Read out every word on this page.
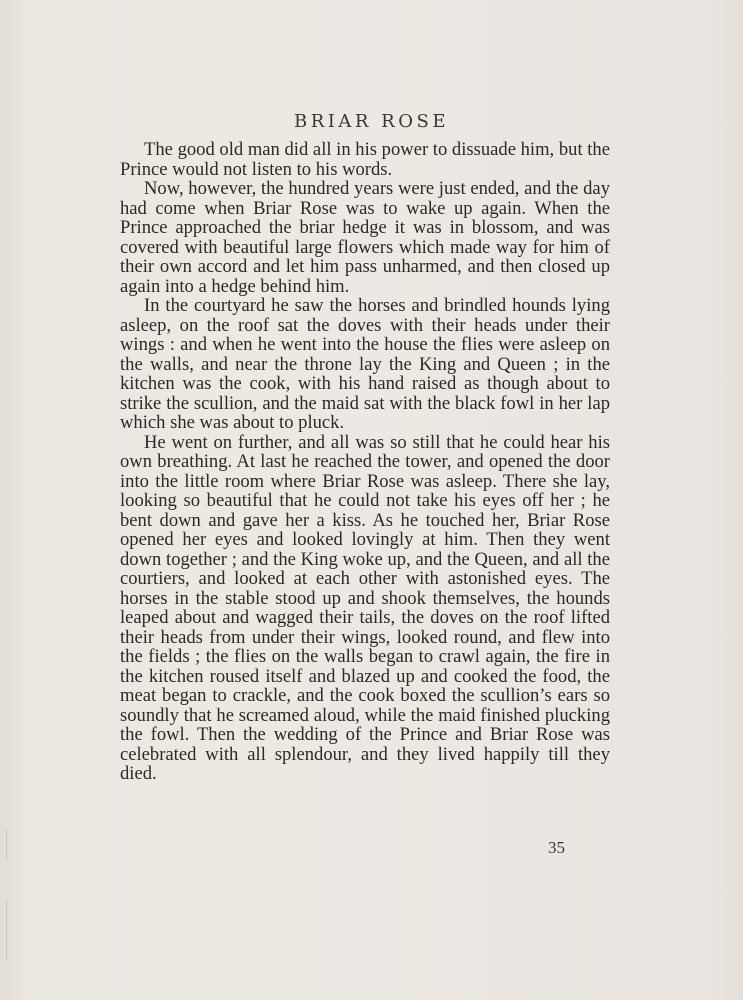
BRIAR ROSE

The good old man did all in his power to dissuade him, but the Prince would not listen to his words.

Now, however, the hundred years were just ended, and the day had come when Briar Rose was to wake up again. When the Prince approached the briar hedge it was in blossom, and was covered with beautiful large flowers which made way for him of their own accord and let him pass unharmed, and then closed up again into a hedge behind him.

In the courtyard he saw the horses and brindled hounds lying asleep, on the roof sat the doves with their heads under their wings : and when he went into the house the flies were asleep on the walls, and near the throne lay the King and Queen ; in the kitchen was the cook, with his hand raised as though about to strike the scullion, and the maid sat with the black fowl in her lap which she was about to pluck.

He went on further, and all was so still that he could hear his own breathing. At last he reached the tower, and opened the door into the little room where Briar Rose was asleep. There she lay, looking so beautiful that he could not take his eyes off her ; he bent down and gave her a kiss. As he touched her, Briar Rose opened her eyes and looked lovingly at him. Then they went down together ; and the King woke up, and the Queen, and all the courtiers, and looked at each other with astonished eyes. The horses in the stable stood up and shook themselves, the hounds leaped about and wagged their tails, the doves on the roof lifted their heads from under their wings, looked round, and flew into the fields ; the flies on the walls began to crawl again, the fire in the kitchen roused itself and blazed up and cooked the food, the meat began to crackle, and the cook boxed the scullion’s ears so soundly that he screamed aloud, while the maid finished plucking the fowl. Then the wedding of the Prince and Briar Rose was celebrated with all splendour, and they lived happily till they died.

35
